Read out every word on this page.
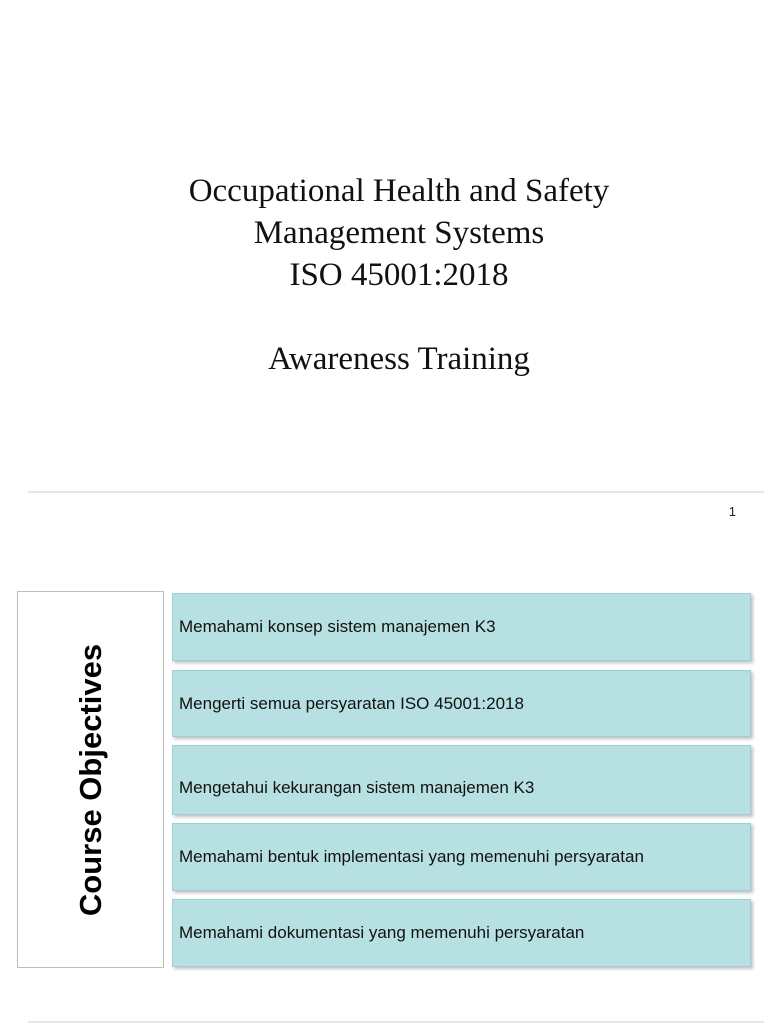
Occupational Health and Safety
Management Systems
ISO 45001:2018
Awareness Training
1
Course Objectives
Memahami konsep sistem manajemen K3
Mengerti semua persyaratan ISO 45001:2018
Mengetahui kekurangan sistem manajemen K3
Memahami bentuk implementasi yang memenuhi persyaratan
Memahami dokumentasi yang memenuhi persyaratan
